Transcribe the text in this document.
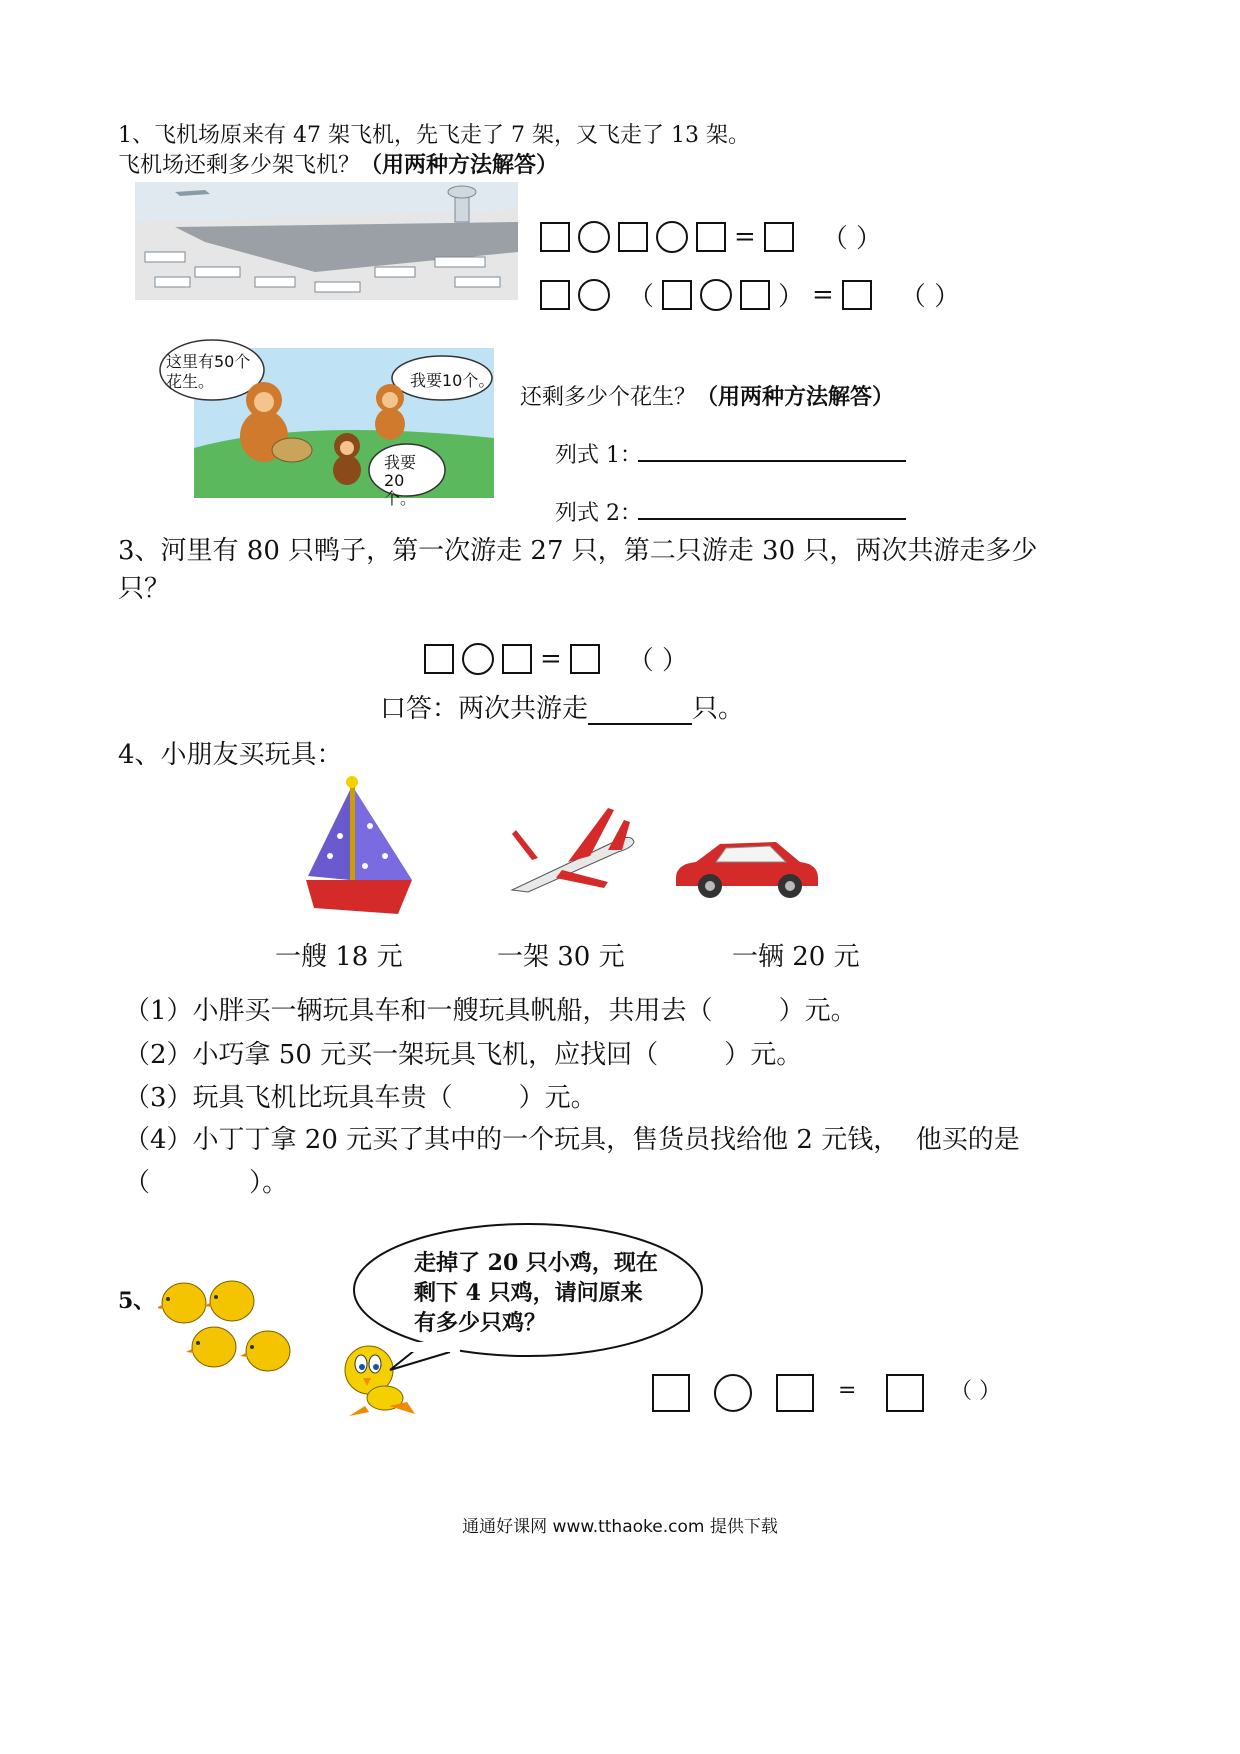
1、飞机场原来有 47 架飞机，先飞走了 7 架，又飞走了 13 架。
飞机场还剩多少架飞机？（用两种方法解答）
=	（ ）
（	） =	（ ）
这里有50个花生。	我要10个。
我要20个。
还剩多少个花生？（用两种方法解答）
列式 1：
列式 2：
3、河里有 80 只鸭子，第一次游走 27 只，第二只游走 30 只，两次共游走多少
只？
=	（ ）
口答：两次共游走	只。
4、小朋友买玩具：
一艘 18 元	一架 30 元	一辆 20 元
（1）小胖买一辆玩具车和一艘玩具帆船，共用去（        ）元。
（2）小巧拿 50 元买一架玩具飞机，应找回（        ）元。
（3）玩具飞机比玩具车贵（        ）元。
（4）小丁丁拿 20 元买了其中的一个玩具，售货员找给他 2 元钱，  他买的是
（            ）。
5、
走掉了 20 只小鸡，现在
剩下 4 只鸡，请问原来
有多少只鸡？
=	（ ）
通通好课网 www.tthaoke.com 提供下载
